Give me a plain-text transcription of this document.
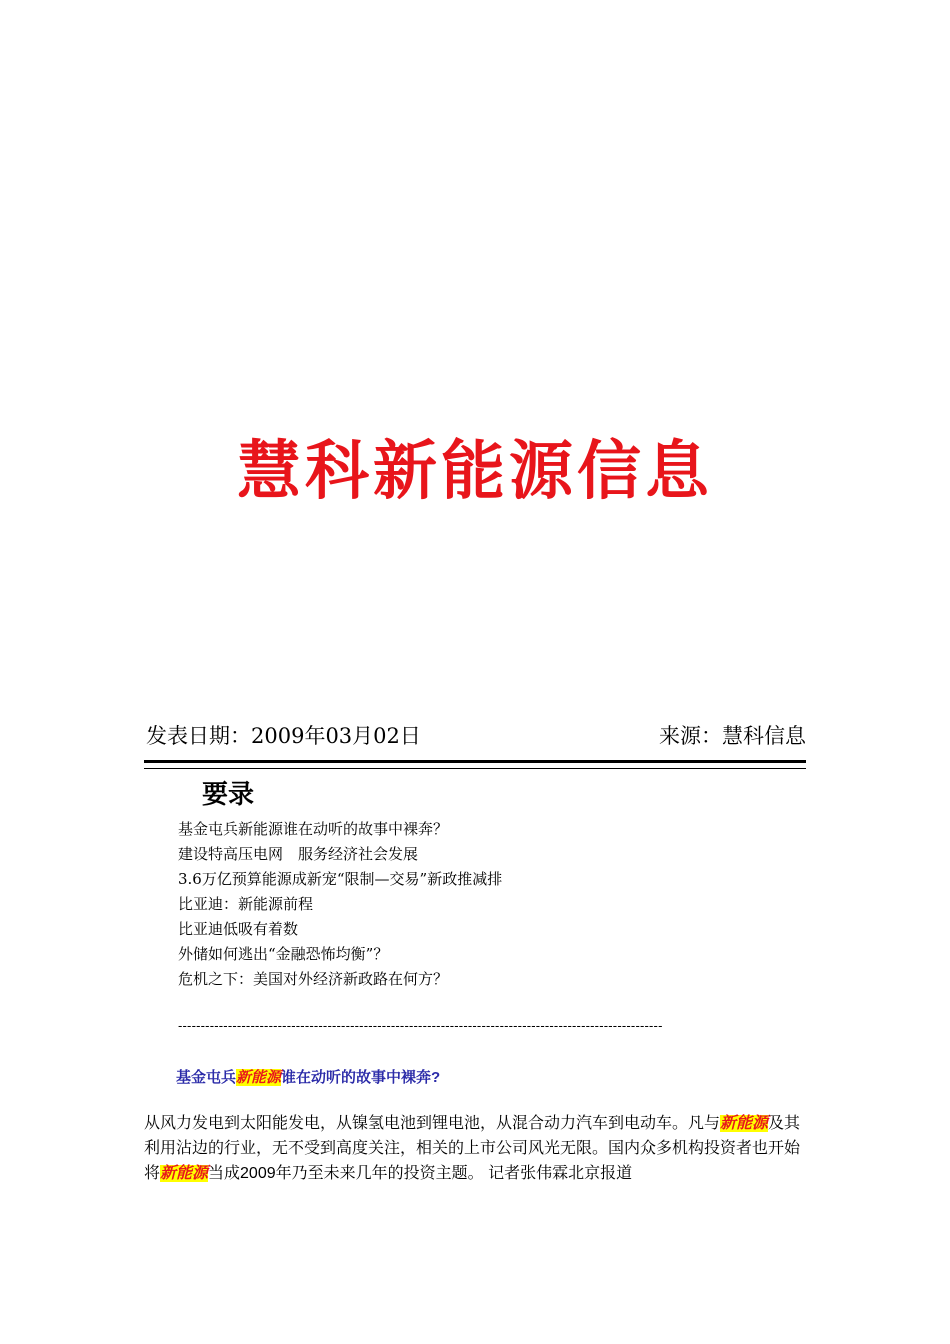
慧科新能源信息
发表日期：2009年03月02日	来源：慧科信息
要录
基金屯兵新能源谁在动听的故事中裸奔？
建设特高压电网　服务经济社会发展
3.6万亿预算能源成新宠“限制—交易”新政推减排
比亚迪：新能源前程
比亚迪低吸有着数
外储如何逃出“金融恐怖均衡”？
危机之下：美国对外经济新政路在何方？
-----------------------------------------------------------------------------------------------------------
基金屯兵新能源谁在动听的故事中裸奔?
从风力发电到太阳能发电，从镍氢电池到锂电池，从混合动力汽车到电动车。凡与新能源及其利用沾边的行业，无不受到高度关注，相关的上市公司风光无限。国内众多机构投资者也开始将新能源当成2009年乃至未来几年的投资主题。 记者张伟霖北京报道
